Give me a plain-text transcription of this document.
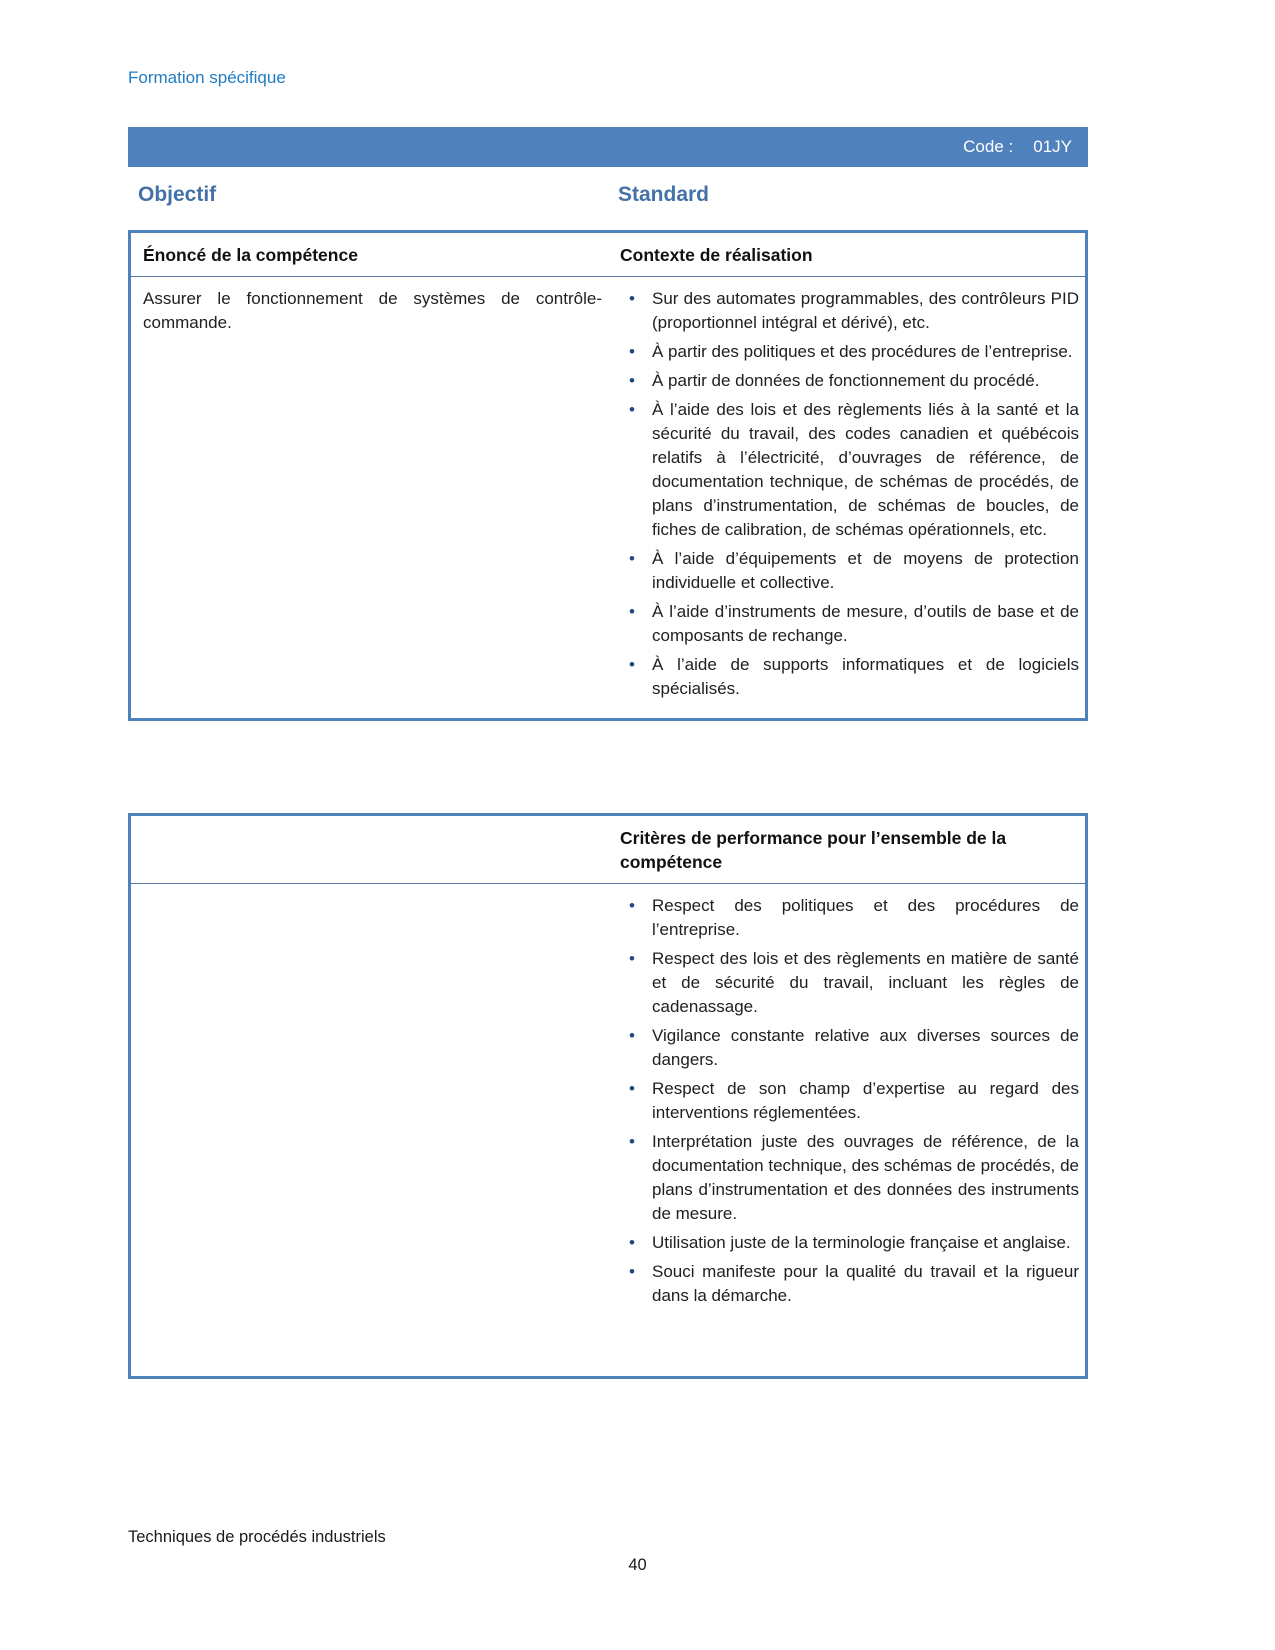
Formation spécifique
Code : 01JY
Objectif	Standard
Énoncé de la compétence	Contexte de réalisation
Assurer le fonctionnement de systèmes de contrôle-commande.
• Sur des automates programmables, des contrôleurs PID (proportionnel intégral et dérivé), etc.
• À partir des politiques et des procédures de l’entreprise.
• À partir de données de fonctionnement du procédé.
• À l’aide des lois et des règlements liés à la santé et la sécurité du travail, des codes canadien et québécois relatifs à l’électricité, d’ouvrages de référence, de documentation technique, de schémas de procédés, de plans d’instrumentation, de schémas de boucles, de fiches de calibration, de schémas opérationnels, etc.
• À l’aide d’équipements et de moyens de protection individuelle et collective.
• À l’aide d’instruments de mesure, d’outils de base et de composants de rechange.
• À l’aide de supports informatiques et de logiciels spécialisés.
Critères de performance pour l’ensemble de la compétence
• Respect des politiques et des procédures de l’entreprise.
• Respect des lois et des règlements en matière de santé et de sécurité du travail, incluant les règles de cadenassage.
• Vigilance constante relative aux diverses sources de dangers.
• Respect de son champ d’expertise au regard des interventions réglementées.
• Interprétation juste des ouvrages de référence, de la documentation technique, des schémas de procédés, de plans d’instrumentation et des données des instruments de mesure.
• Utilisation juste de la terminologie française et anglaise.
• Souci manifeste pour la qualité du travail et la rigueur dans la démarche.
Techniques de procédés industriels
40
